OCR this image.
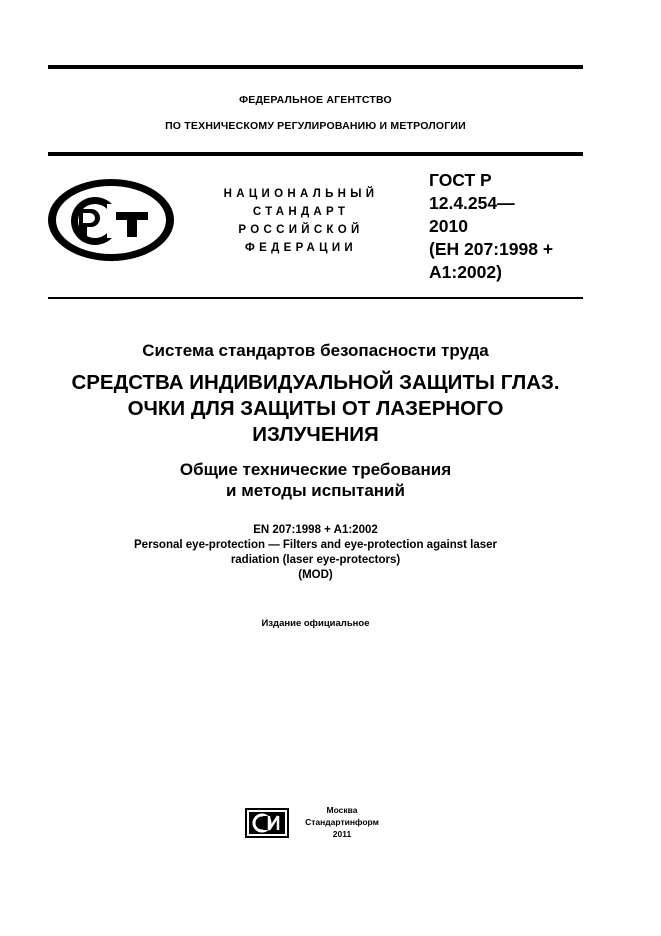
ФЕДЕРАЛЬНОЕ АГЕНТСТВО
ПО ТЕХНИЧЕСКОМУ РЕГУЛИРОВАНИЮ И МЕТРОЛОГИИ
РСТ
НАЦИОНАЛЬНЫЙ
СТАНДАРТ
РОССИЙСКОЙ
ФЕДЕРАЦИИ
ГОСТ Р
12.4.254—
2010
(ЕН 207:1998 +
А1:2002)
Система стандартов безопасности труда
СРЕДСТВА ИНДИВИДУАЛЬНОЙ ЗАЩИТЫ ГЛАЗ.
ОЧКИ ДЛЯ ЗАЩИТЫ ОТ ЛАЗЕРНОГО
ИЗЛУЧЕНИЯ
Общие технические требования
и методы испытаний
EN 207:1998 + A1:2002
Personal eye-protection — Filters and eye-protection against laser
radiation (laser eye-protectors)
(MOD)
Издание официальное
Москва
Стандартинформ
2011
